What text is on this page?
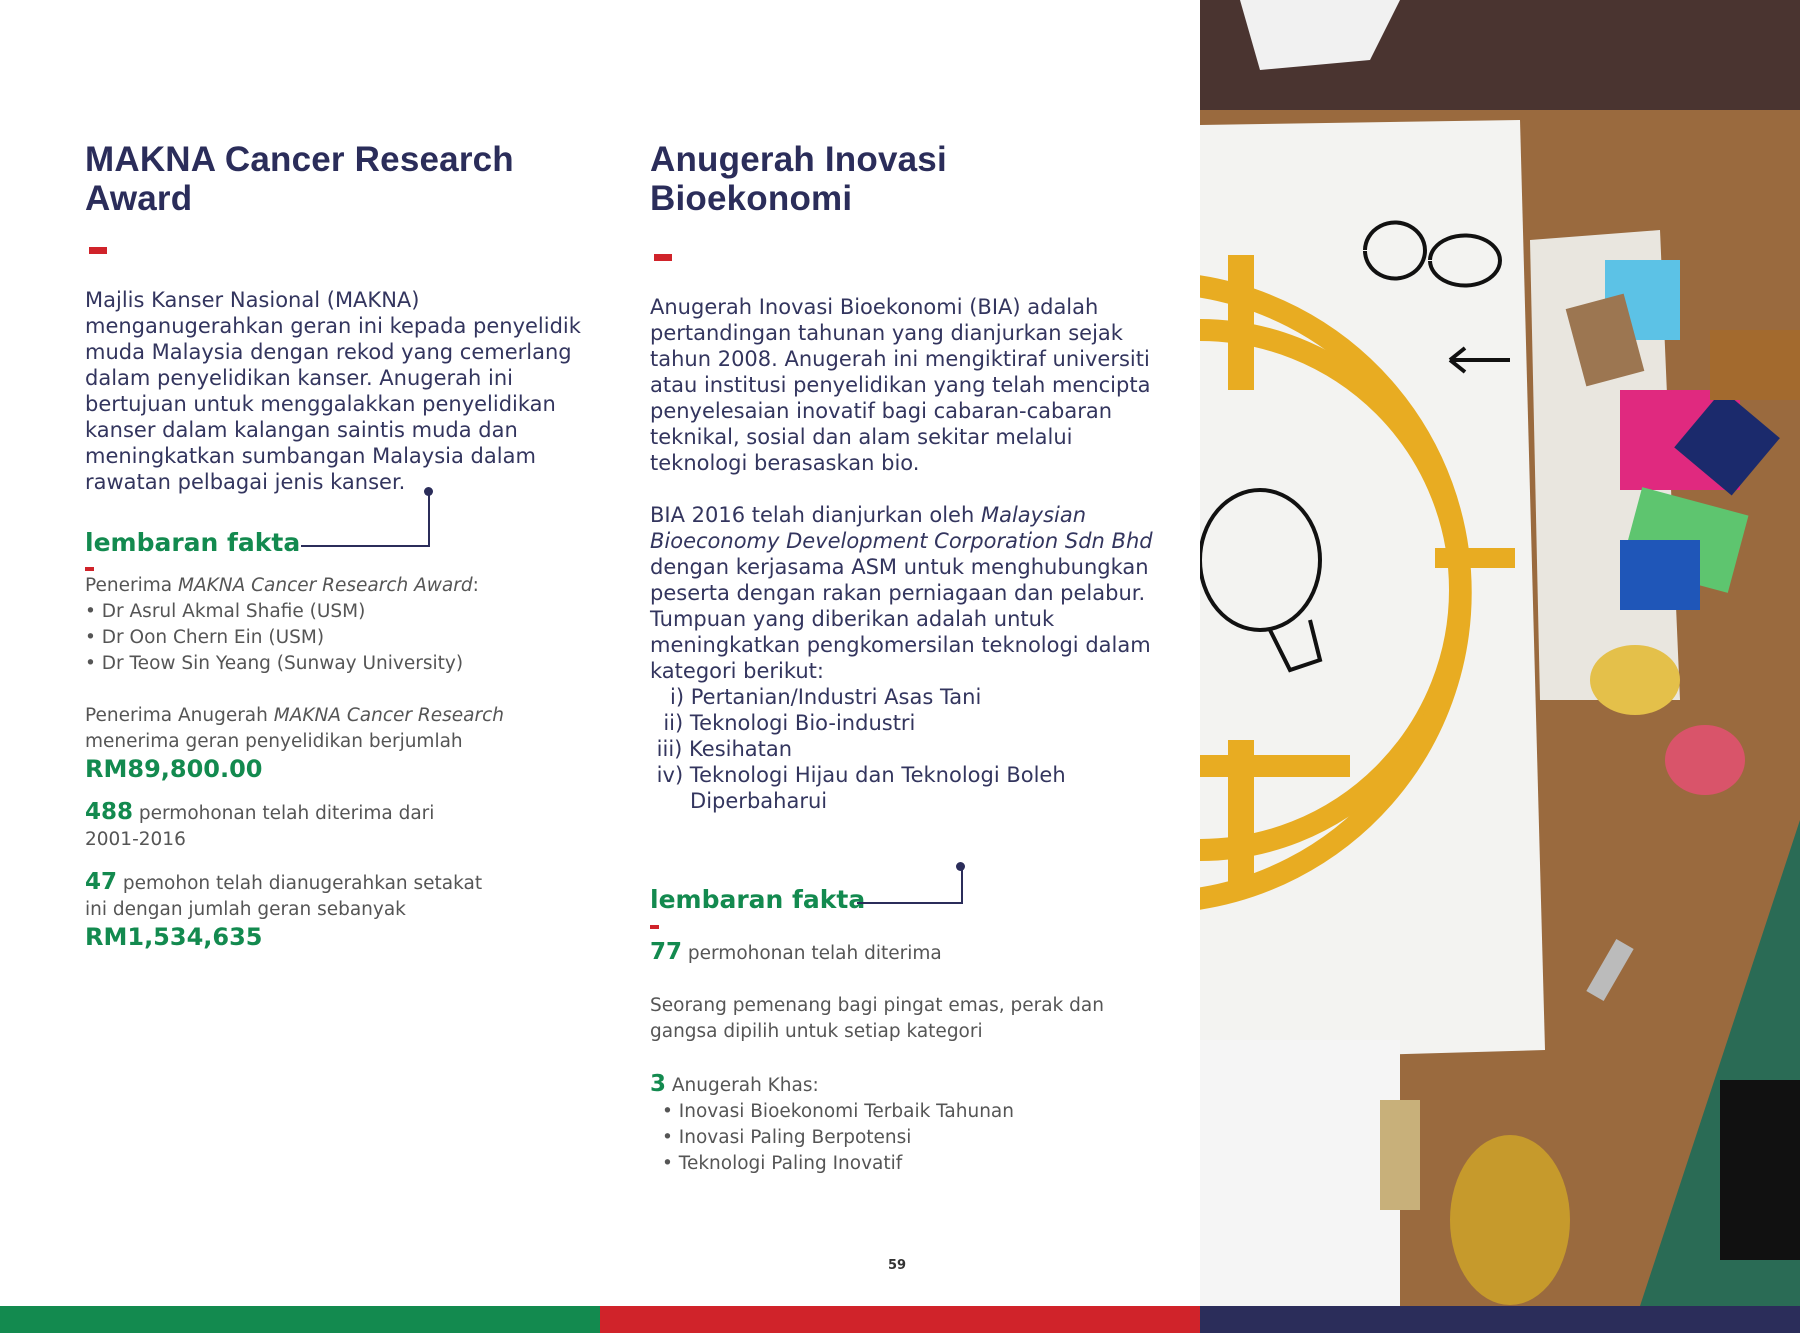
MAKNA Cancer Research Award

Majlis Kanser Nasional (MAKNA)

menganugerahkan geran ini kepada penyelidik

muda Malaysia dengan rekod yang cemerlang

dalam penyelidikan kanser. Anugerah ini

bertujuan untuk menggalakkan penyelidikan

kanser dalam kalangan saintis muda dan

meningkatkan sumbangan Malaysia dalam

rawatan pelbagai jenis kanser.

lembaran fakta

Penerima MAKNA Cancer Research Award:

• Dr Asrul Akmal Shafie (USM)

• Dr Oon Chern Ein (USM)

• Dr Teow Sin Yeang (Sunway University)

Penerima Anugerah MAKNA Cancer Research

menerima geran penyelidikan berjumlah

RM89,800.00

488 permohonan telah diterima dari

2001-2016

47 pemohon telah dianugerahkan setakat

ini dengan jumlah geran sebanyak

RM1,534,635
Anugerah Inovasi
Bioekonomi

Anugerah Inovasi Bioekonomi (BIA) adalah

pertandingan tahunan yang dianjurkan sejak

tahun 2008. Anugerah ini mengiktiraf universiti

atau institusi penyelidikan yang telah mencipta

penyelesaian inovatif bagi cabaran-cabaran

teknikal, sosial dan alam sekitar melalui

teknologi berasaskan bio.

BIA 2016 telah dianjurkan oleh Malaysian

Bioeconomy Development Corporation Sdn Bhd

dengan kerjasama ASM untuk menghubungkan

peserta dengan rakan perniagaan dan pelabur.

Tumpuan yang diberikan adalah untuk

meningkatkan pengkomersilan teknologi dalam

kategori berikut:

i) Pertanian/Industri Asas Tani

ii) Teknologi Bio-industri

iii) Kesihatan

iv) Teknologi Hijau dan Teknologi Boleh

Diperbaharui

lembaran fakta

77 permohonan telah diterima

Seorang pemenang bagi pingat emas, perak dan

gangsa dipilih untuk setiap kategori

3 Anugerah Khas:

• Inovasi Bioekonomi Terbaik Tahunan

• Inovasi Paling Berpotensi

• Teknologi Paling Inovatif

59
